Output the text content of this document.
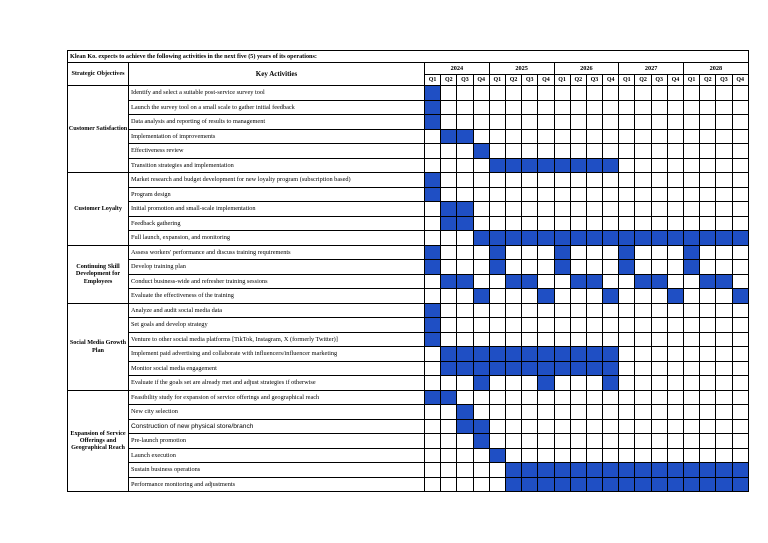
Klean Ko. expects to achieve the following activities in the next five (5) years of its operations:																					
Strategic Objectives	Key Activities	2024				2025				2026				2027				2028			
		Q1	Q2	Q3	Q4	Q1	Q2	Q3	Q4	Q1	Q2	Q3	Q4	Q1	Q2	Q3	Q4	Q1	Q2	Q3	Q4
Customer Satisfaction	Identify and select a suitable post-service survey tool																				
	Launch the survey tool on a small scale to gather initial feedback																				
	Data analysis and reporting of results to management																				
	Implementation of improvements																				
	Effectiveness review																				
	Transition strategies and implementation																				
Customer Loyalty	Market research and budget development for new loyalty program (subscription based)																				
	Program design																				
	Initial promotion and small-scale implementation																				
	Feedback gathering																				
	Full launch, expansion, and monitoring																				
Continuing Skill Development for Employees	Assess workers' performance and discuss training requirements																				
	Develop training plan																				
	Conduct business-wide and refresher training sessions																				
	Evaluate the effectiveness of the training																				
Social Media Growth Plan	Analyze and audit social media data																				
	Set goals and develop strategy																				
	Venture to other social media platforms [TikTok, Instagram, X (formerly Twitter)]																				
	Implement paid advertising and collaborate with influencers/influencer marketing																				
	Monitor social media engagement																				
	Evaluate if the goals set are already met and adjust strategies if otherwise																				
Expansion of Service Offerings and Geographical Reach	Feasibility study for expansion of service offerings and geographical reach																				
	New city selection																				
	Construction of new physical store/branch																				
	Pre-launch promotion																				
	Launch execution																				
	Sustain business operations																				
	Performance monitoring and adjustments																				
